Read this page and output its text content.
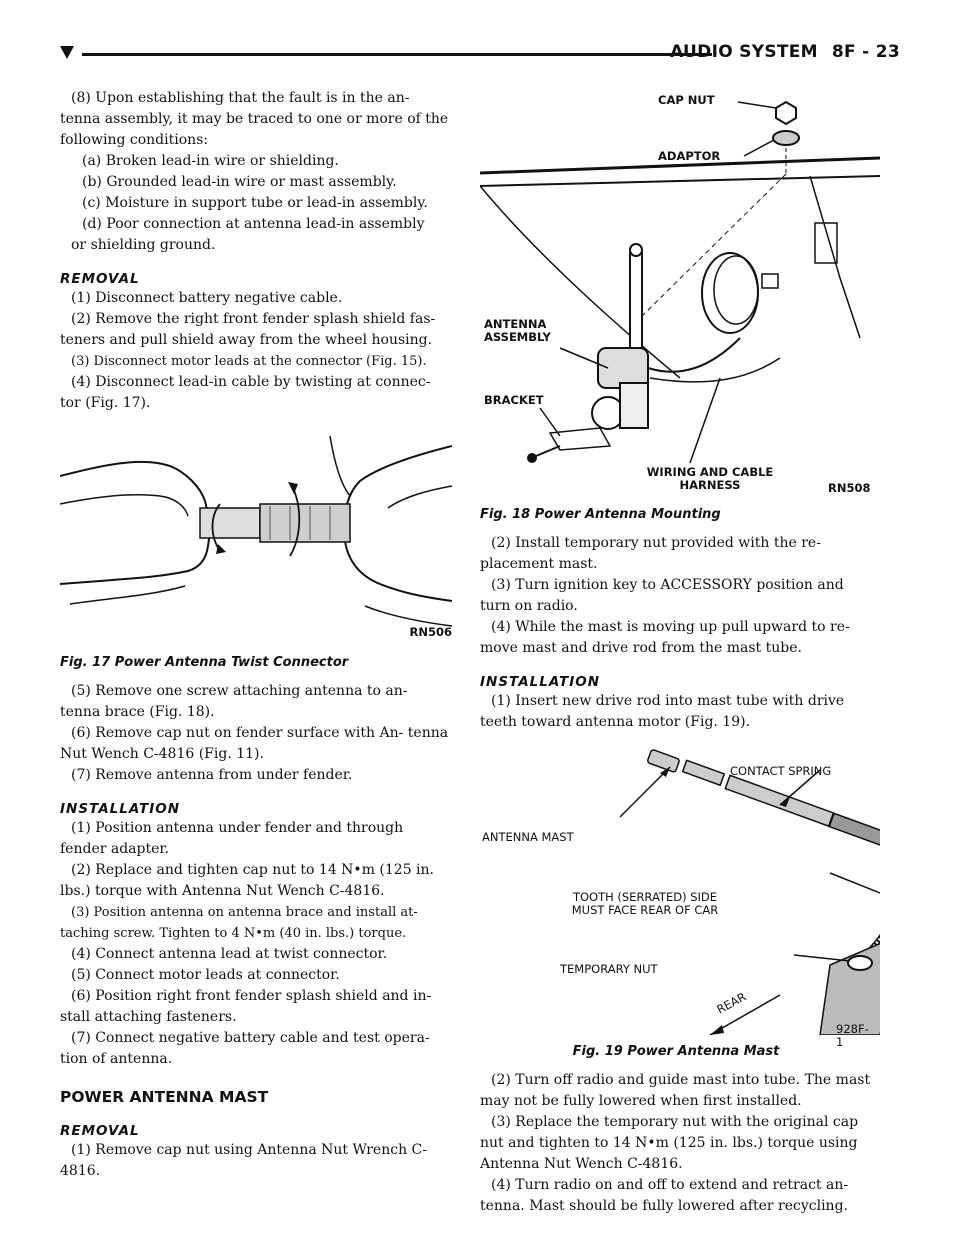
AUDIO SYSTEM 8F - 23

(8) Upon establishing that the fault is in the an- tenna assembly, it may be traced to one or more of the following conditions:

(a) Broken lead-in wire or shielding.

(b) Grounded lead-in wire or mast assembly.

(c) Moisture in support tube or lead-in assembly.

(d) Poor connection at antenna lead-in assembly

or shielding ground.

REMOVAL

(1) Disconnect battery negative cable.

(2) Remove the right front fender splash shield fas- teners and pull shield away from the wheel housing.

(3) Disconnect motor leads at the connector (Fig. 15).

(4) Disconnect lead-in cable by twisting at connec- tor (Fig. 17).

RN506
Fig. 17 Power Antenna Twist Connector

(5) Remove one screw attaching antenna to an- tenna brace (Fig. 18).

(6) Remove cap nut on fender surface with An- tenna Nut Wench C-4816 (Fig. 11).

(7) Remove antenna from under fender.

INSTALLATION

(1) Position antenna under fender and through fender adapter.

(2) Replace and tighten cap nut to 14 N•m (125 in. lbs.) torque with Antenna Nut Wench C-4816.

(3) Position antenna on antenna brace and install at- taching screw. Tighten to 4 N•m (40 in. lbs.) torque.

(4) Connect antenna lead at twist connector.

(5) Connect motor leads at connector.

(6) Position right front fender splash shield and in- stall attaching fasteners.

(7) Connect negative battery cable and test opera- tion of antenna.

POWER ANTENNA MAST
REMOVAL

(1) Remove cap nut using Antenna Nut Wrench C-4816.

CAP NUT
ADAPTOR
ANTENNA ASSEMBLY
BRACKET
WIRING AND CABLE HARNESS	RN508
Fig. 18 Power Antenna Mounting

(2) Install temporary nut provided with the re- placement mast.

(3) Turn ignition key to ACCESSORY position and turn on radio.

(4) While the mast is moving up pull upward to re- move mast and drive rod from the mast tube.

INSTALLATION

(1) Insert new drive rod into mast tube with drive teeth toward antenna motor (Fig. 19).

CONTACT SPRING
ANTENNA MAST
TOOTH (SERRATED) SIDE MUST FACE REAR OF CAR
TEMPORARY NUT
REAR
928F-1
Fig. 19 Power Antenna Mast

(2) Turn off radio and guide mast into tube. The mast may not be fully lowered when first installed.

(3) Replace the temporary nut with the original cap nut and tighten to 14 N•m (125 in. lbs.) torque using Antenna Nut Wench C-4816.

(4) Turn radio on and off to extend and retract an- tenna. Mast should be fully lowered after recycling.
